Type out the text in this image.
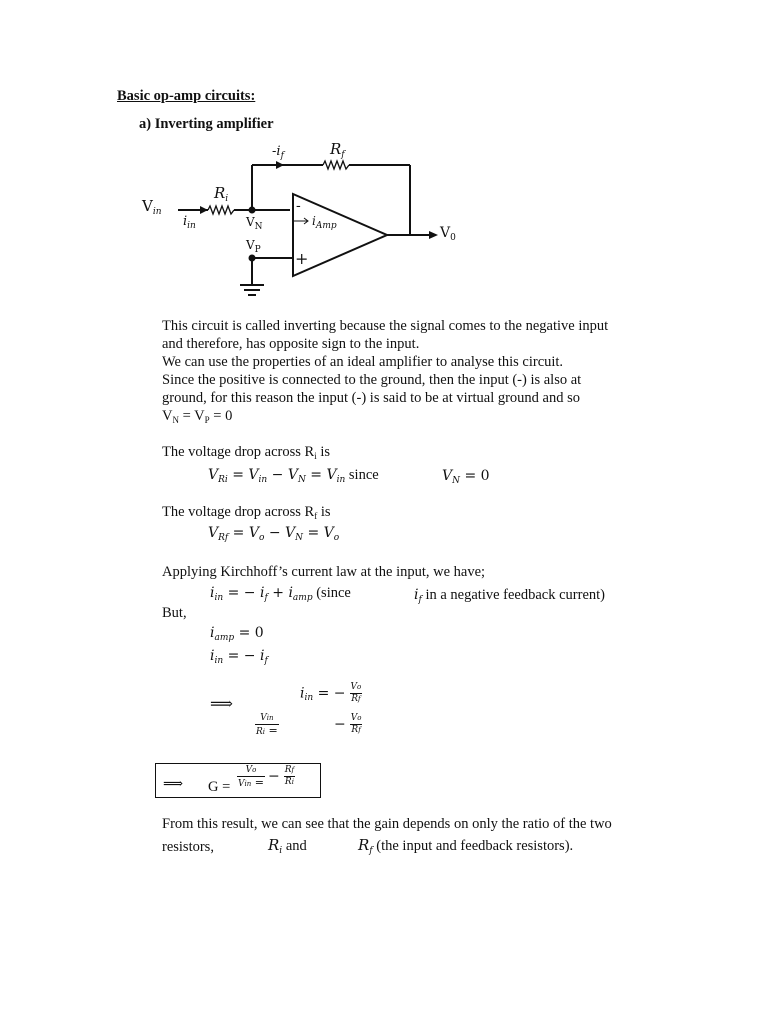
Basic op-amp circuits:
a) Inverting amplifier
$-i_f$	$R_f$
$R_i$
$V_{in}$
$i_{in}$	$V_N$
$V_P$
$i_{Amp}$
-
+
$V_0$
This circuit is called inverting because the signal comes to the negative input
and therefore, has opposite sign to the input.
We can use the properties of an ideal amplifier to analyse this circuit.
Since the positive is connected to the ground, then the input (-) is also at
ground, for this reason the input (-) is said to be at virtual ground and so
$V_N = V_P = 0$
The voltage drop across $R_i$ is
$V_{Ri} = V_{in} - V_N = V_{in}$ since	$V_N = 0$
The voltage drop across $R_f$ is
$V_{Rf} = V_o - V_N = V_o$
Applying Kirchhoff’s current law at the input, we have;
$i_{in}$ = − $i_f + i_{amp}$ (since	$i_f$ in a negative feedback current)
But,
$i_{amp} = 0$
$i_{in}$ = − $i_f$
⟹
$i_{in}$ = − $\frac{Vo}{Rf}$
$\frac{\text{Vin}}{Ri =}$	− $\frac{Vo}{Rf}$
⟹ $G = \frac{Vo}{\text{Vin =}} - \frac{Rf}{Ri}$
From this result, we can see that the gain depends on only the ratio of the two
resistors,	$R_i$ and	$R_f$ (the input and feedback resistors).
